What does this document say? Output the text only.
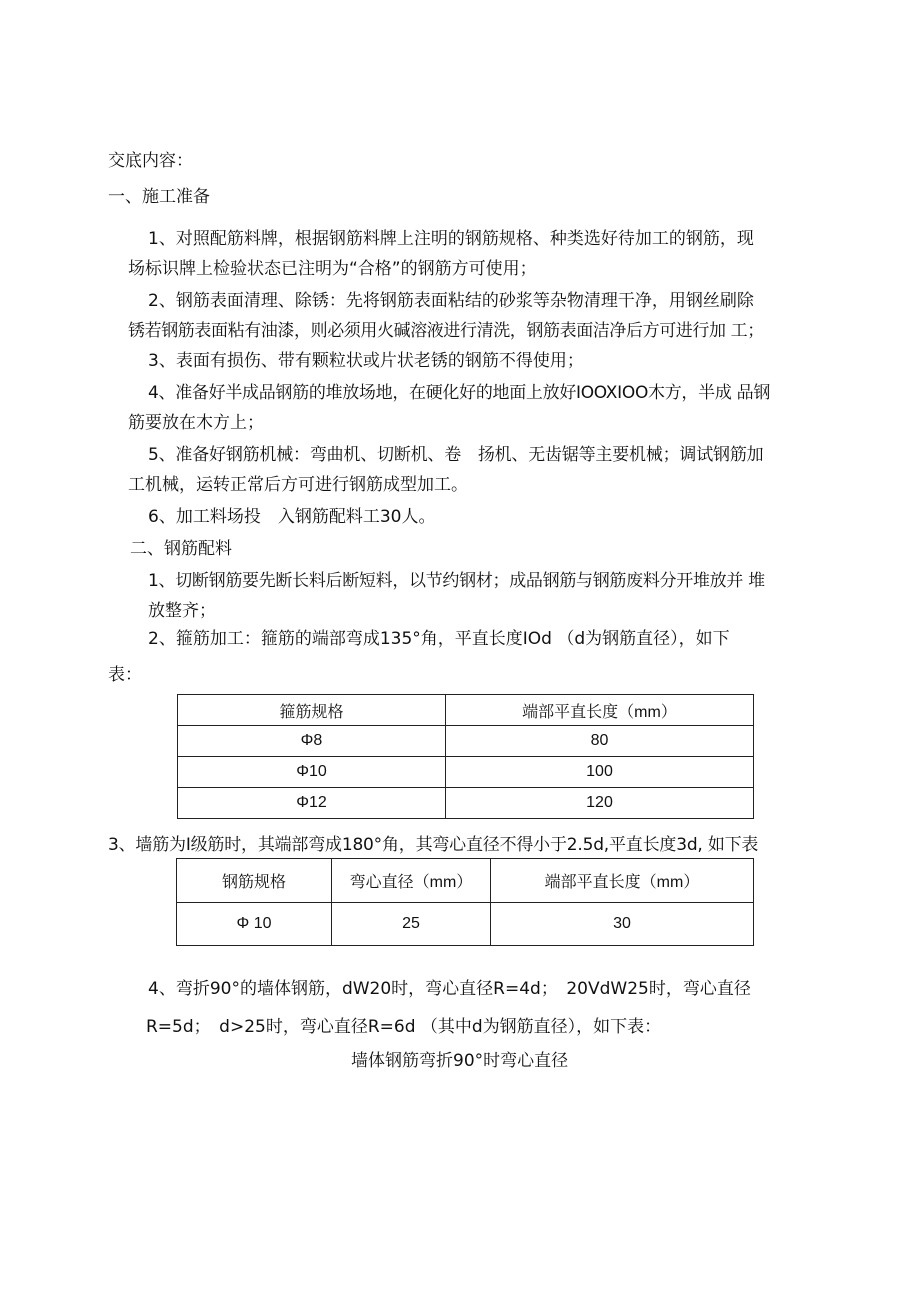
交底内容：
一、施工准备
1、对照配筋料牌，根据钢筋料牌上注明的钢筋规格、种类选好待加工的钢筋，现
场标识牌上检验状态已注明为“合格”的钢筋方可使用；
2、钢筋表面清理、除锈：先将钢筋表面粘结的砂浆等杂物清理干净，用钢丝刷除
锈若钢筋表面粘有油漆，则必须用火碱溶液进行清洗，钢筋表面洁净后方可进行加 工；
3、表面有损伤、带有颗粒状或片状老锈的钢筋不得使用；
4、准备好半成品钢筋的堆放场地，在硬化好的地面上放好IOOXIOO木方，半成 品钢
筋要放在木方上；
5、准备好钢筋机械：弯曲机、切断机、卷　扬机、无齿锯等主要机械；调试钢筋加
工机械，运转正常后方可进行钢筋成型加工。
6、加工料场投　入钢筋配料工30人。
二、钢筋配料
1、切断钢筋要先断长料后断短料，以节约钢材；成品钢筋与钢筋废料分开堆放并 堆
放整齐；
2、箍筋加工：箍筋的端部弯成135°角，平直长度IOd （d为钢筋直径），如下
表：
箍筋规格	端部平直长度（mm）
Φ8	80
Φ10	100
Φ12	120
3、墙筋为I级筋时，其端部弯成180°角，其弯心直径不得小于2.5d,平直长度3d, 如下表
钢筋规格	弯心直径（mm）	端部平直长度（mm）
Φ 10	25	30
4、弯折90°的墙体钢筋，dW20时，弯心直径R=4d；　20VdW25时，弯心直径
R=5d；　d>25时，弯心直径R=6d （其中d为钢筋直径），如下表：
墙体钢筋弯折90°时弯心直径
